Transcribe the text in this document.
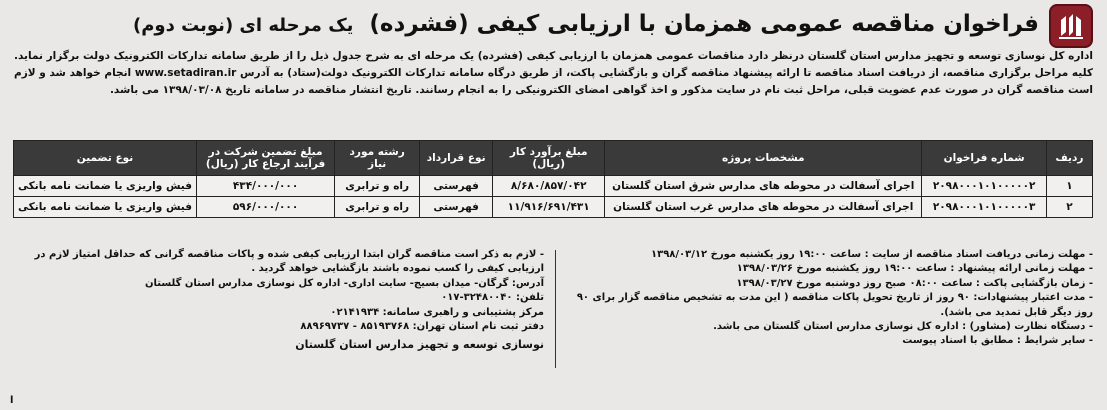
فراخوان مناقصه عمومی همزمان با ارزیابی کیفی (فشرده) یک مرحله ای (نوبت دوم)
اداره کل نوسازی توسعه و تجهیز مدارس استان گلستان درنظر دارد مناقصات عمومی همزمان با ارزیابی کیفی (فشرده) یک مرحله ای به شرح جدول ذیل را از طریق سامانه تدارکات الکترونیک دولت برگزار نماید. کلیه مراحل برگزاری مناقصه، از دریافت اسناد مناقصه تا ارائه پیشنهاد مناقصه گران و بازگشایی پاکت، از طریق درگاه سامانه تدارکات الکترونیک دولت(ستاد) به آدرس www.setadiran.ir انجام خواهد شد و لازم است مناقصه گران در صورت عدم عضویت قبلی، مراحل ثبت نام در سایت مذکور و اخذ گواهی امضای الکترونیکی را به انجام رسانند. تاریخ انتشار مناقصه در سامانه تاریخ ۱۳۹۸/۰۳/۰۸ می باشد.
ردیف	شماره فراخوان	مشخصات پروژه	مبلغ برآورد کار (ریال)	نوع قرارداد	رشته مورد نیاز	مبلغ تضمین شرکت در فرآیند ارجاع کار (ریال)	نوع تضمین
۱	۲۰۹۸۰۰۰۱۰۱۰۰۰۰۰۲	اجرای آسفالت در محوطه های مدارس شرق استان گلستان	۸/۶۸۰/۸۵۷/۰۴۲	فهرستی	راه و ترابری	۴۳۴/۰۰۰/۰۰۰	فیش واریزی یا ضمانت نامه بانکی
۲	۲۰۹۸۰۰۰۱۰۱۰۰۰۰۰۳	اجرای آسفالت در محوطه های مدارس غرب استان گلستان	۱۱/۹۱۶/۶۹۱/۴۳۱	فهرستی	راه و ترابری	۵۹۶/۰۰۰/۰۰۰	فیش واریزی یا ضمانت نامه بانکی
- مهلت زمانی دریافت اسناد مناقصه از سایت : ساعت ۱۹:۰۰ روز یکشنبه مورخ ۱۳۹۸/۰۳/۱۲
- مهلت زمانی ارائه پیشنهاد : ساعت ۱۹:۰۰ روز یکشنبه مورخ ۱۳۹۸/۰۳/۲۶
- زمان بازگشایی پاکت : ساعت ۰۸:۰۰ صبح روز دوشنبه مورخ ۱۳۹۸/۰۳/۲۷
- مدت اعتبار پیشنهادات: ۹۰ روز از تاریخ تحویل پاکات مناقصه ( این مدت به تشخیص مناقصه گزار برای ۹۰ روز دیگر قابل تمدید می باشد).
- دستگاه نظارت (مشاور) : اداره کل نوسازی مدارس استان گلستان می باشد.
- سایر شرایط : مطابق با اسناد پیوست
- لازم به ذکر است مناقصه گران ابتدا ارزیابی کیفی شده و پاکات مناقصه گرانی که حداقل امتیاز لازم در ارزیابی کیفی را کسب نموده باشند بازگشایی خواهد گردید .
آدرس: گرگان- میدان بسیج- سایت اداری- اداره کل نوسازی مدارس استان گلستان
تلفن: ۳۲۴۸۰۰۴۰-۰۱۷
مرکز پشتیبانی و راهبری سامانه: ۰۲۱۴۱۹۳۴
دفتر ثبت نام استان تهران: ۸۵۱۹۳۷۶۸ - ۸۸۹۶۹۷۳۷
نوسازی توسعه و تجهیز مدارس استان گلستان
ا
